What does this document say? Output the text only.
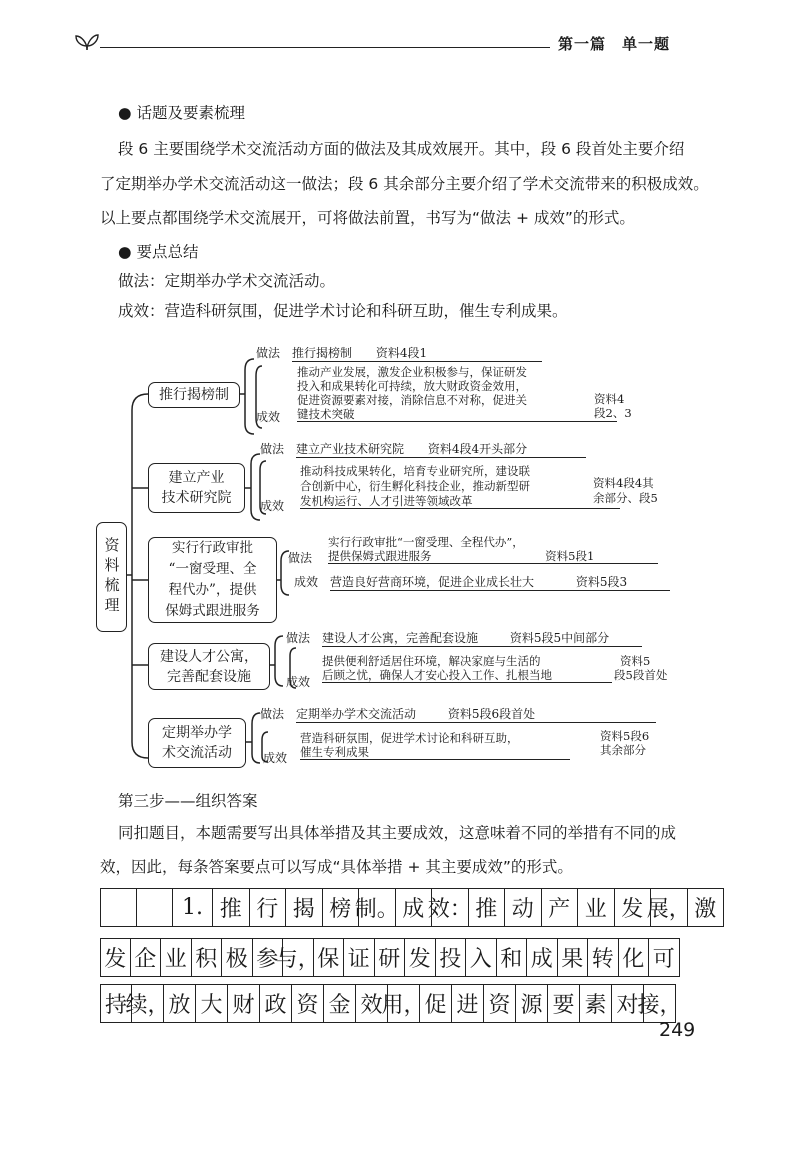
第一篇　单一题
● 话题及要素梳理
段 6 主要围绕学术交流活动方面的做法及其成效展开。其中，段 6 段首处主要介绍
了定期举办学术交流活动这一做法；段 6 其余部分主要介绍了学术交流带来的积极成效。
以上要点都围绕学术交流展开，可将做法前置，书写为“做法 + 成效”的形式。
● 要点总结
做法：定期举办学术交流活动。
成效：营造科研氛围，促进学术讨论和科研互助，催生专利成果。
资料梳理
推行揭榜制
做法 推行揭榜制 资料4段1
推动产业发展，激发企业积极参与，保证研发
投入和成果转化可持续，放大财政资金效用，
促进资源要素对接，消除信息不对称，促进关
键技术突破
成效
资料4
段2、3
建立产业
技术研究院
做法 建立产业技术研究院 资料4段4开头部分
推动科技成果转化，培育专业研究所，建设联
合创新中心，衍生孵化科技企业，推动新型研
发机构运行、人才引进等领域改革
成效
资料4段4其
余部分、段5
实行行政审批
“一窗受理、全
程代办”，提供
保姆式跟进服务
做法
实行行政审批“一窗受理、全程代办”，
提供保姆式跟进服务	资料5段1
成效 营造良好营商环境，促进企业成长壮大	资料5段3
建设人才公寓，
完善配套设施
做法 建设人才公寓，完善配套设施	资料5段5中间部分
提供便利舒适居住环境，解决家庭与生活的
后顾之忧，确保人才安心投入工作、扎根当地
成效
资料5
段5段首处
定期举办学
术交流活动
做法 定期举办学术交流活动	资料5段6段首处
营造科研氛围，促进学术讨论和科研互助，
催生专利成果
成效
资料5段6
其余部分
第三步——组织答案
同扣题目，本题需要写出具体举措及其主要成效，这意味着不同的举措有不同的成
效，因此，每条答案要点可以写成“具体举措 + 其主要成效”的形式。
1. 推 行 揭 榜 制。 成 效： 推 动 产 业 发 展， 激
发 企 业 积 极 参
与，
保 证 研 发 投 入 和 成 果 转 化 可
持
续，
放 大 财 政 资 金 效 用，
促 进 资 源 要 素 对 接，
249
